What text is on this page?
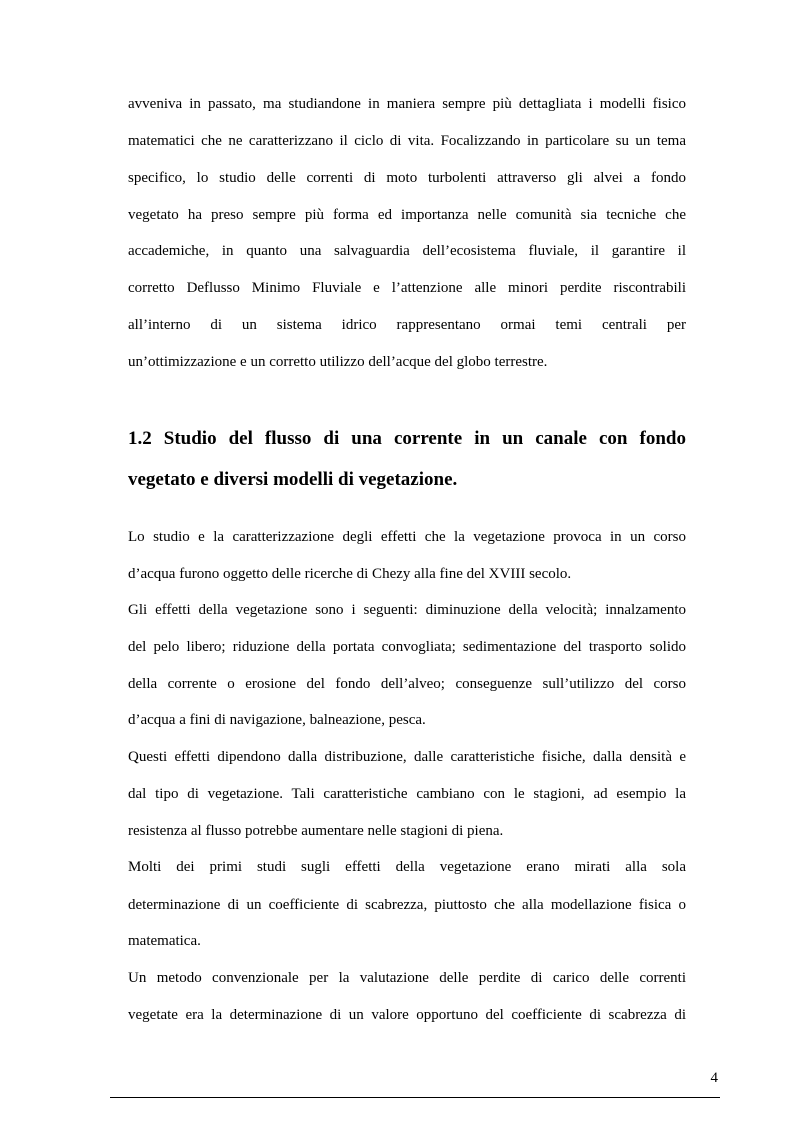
avveniva in passato, ma studiandone in maniera sempre più dettagliata i modelli fisico
matematici che ne caratterizzano il ciclo di vita. Focalizzando in particolare su un tema
specifico, lo studio delle correnti di moto turbolenti attraverso gli alvei a fondo
vegetato ha preso sempre più forma ed importanza nelle comunità sia tecniche che
accademiche, in quanto una salvaguardia dell’ecosistema fluviale, il garantire il
corretto Deflusso Minimo Fluviale e l’attenzione alle minori perdite riscontrabili
all’interno di un sistema idrico rappresentano ormai temi centrali per
un’ottimizzazione e un corretto utilizzo dell’acque del globo terrestre.
1.2 Studio del flusso di una corrente in un canale con fondo
vegetato e diversi modelli di vegetazione.
Lo studio e la caratterizzazione degli effetti che la vegetazione provoca in un corso
d’acqua furono oggetto delle ricerche di Chezy alla fine del XVIII secolo.
Gli effetti della vegetazione sono i seguenti: diminuzione della velocità; innalzamento
del pelo libero; riduzione della portata convogliata; sedimentazione del trasporto solido
della corrente o erosione del fondo dell’alveo; conseguenze sull’utilizzo del corso
d’acqua a fini di navigazione, balneazione, pesca.
Questi effetti dipendono dalla distribuzione, dalle caratteristiche fisiche, dalla densità e
dal tipo di vegetazione. Tali caratteristiche cambiano con le stagioni, ad esempio la
resistenza al flusso potrebbe aumentare nelle stagioni di piena.
Molti dei primi studi sugli effetti della vegetazione erano mirati alla sola
determinazione di un coefficiente di scabrezza, piuttosto che alla modellazione fisica o
matematica.
Un metodo convenzionale per la valutazione delle perdite di carico delle correnti
vegetate era la determinazione di un valore opportuno del coefficiente di scabrezza di
4
